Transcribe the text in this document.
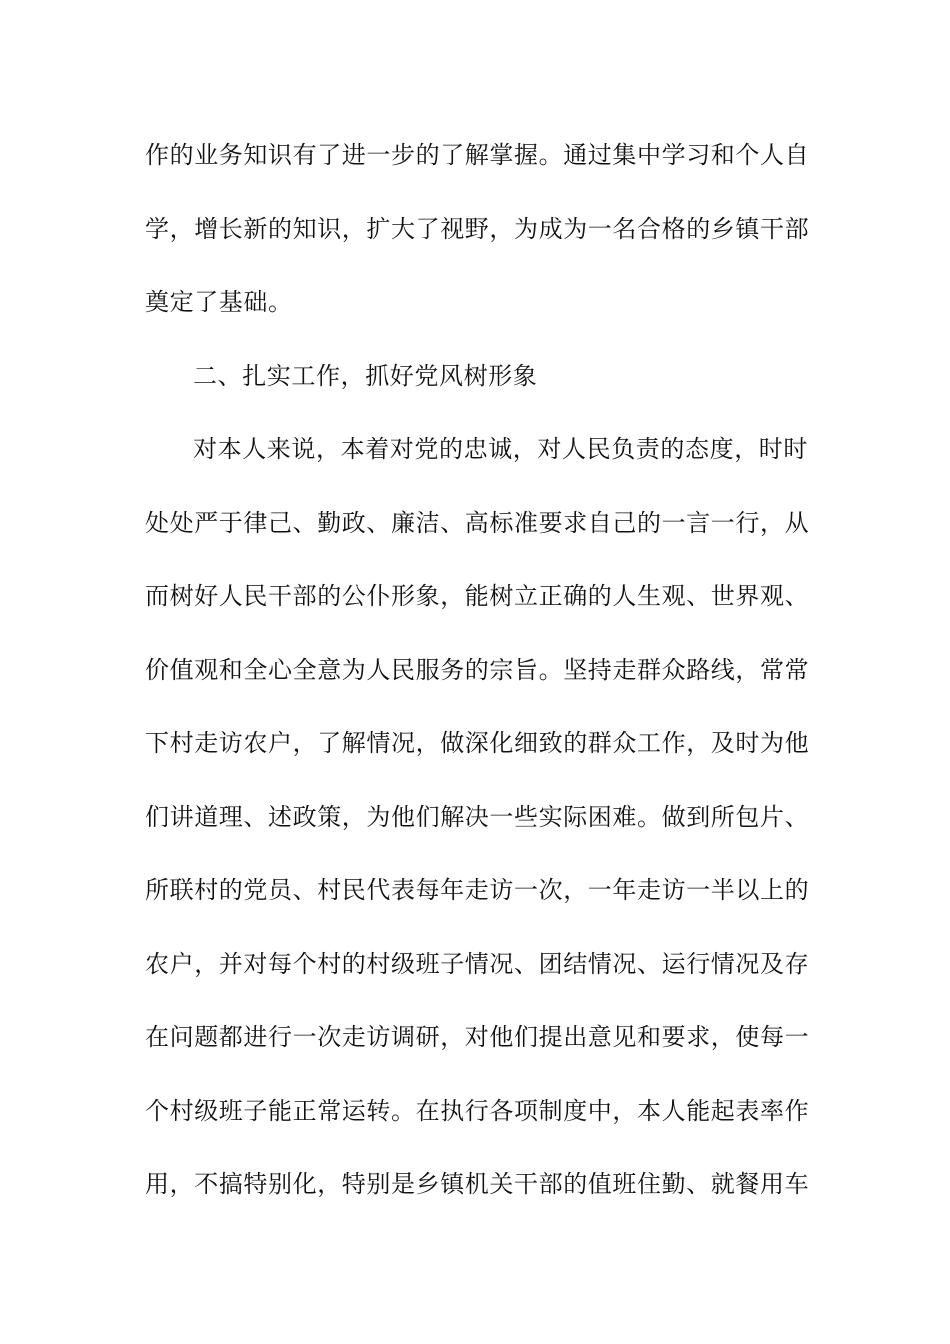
作的业务知识有了进一步的了解掌握。通过集中学习和个人自
学，增长新的知识，扩大了视野，为成为一名合格的乡镇干部
奠定了基础。
二、扎实工作，抓好党风树形象
对本人来说，本着对党的忠诚，对人民负责的态度，时时
处处严于律己、勤政、廉洁、高标准要求自己的一言一行，从
而树好人民干部的公仆形象，能树立正确的人生观、世界观、
价值观和全心全意为人民服务的宗旨。坚持走群众路线，常常
下村走访农户，了解情况，做深化细致的群众工作，及时为他
们讲道理、述政策，为他们解决一些实际困难。做到所包片、
所联村的党员、村民代表每年走访一次，一年走访一半以上的
农户，并对每个村的村级班子情况、团结情况、运行情况及存
在问题都进行一次走访调研，对他们提出意见和要求，使每一
个村级班子能正常运转。在执行各项制度中，本人能起表率作
用，不搞特别化，特别是乡镇机关干部的值班住勤、就餐用车
